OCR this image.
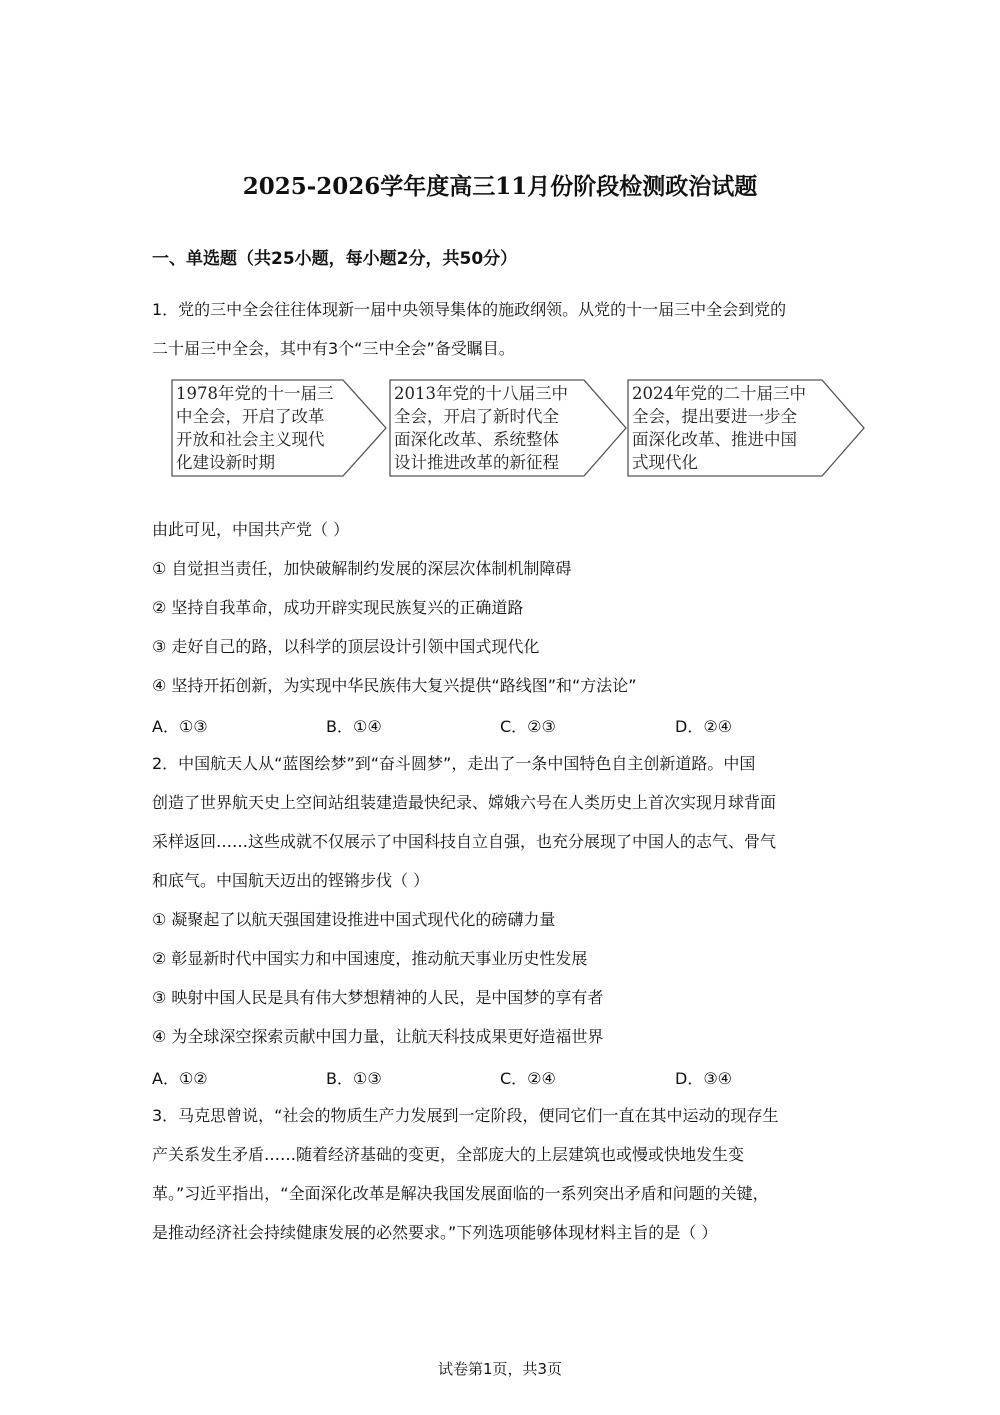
2025-2026学年度高三11月份阶段检测政治试题
一、单选题（共25小题，每小题2分，共50分）
1．党的三中全会往往体现新一届中央领导集体的施政纲领。从党的十一届三中全会到党的
二十届三中全会，其中有3个“三中全会”备受瞩目。
1978年党的十一届三
中全会，开启了改革
开放和社会主义现代
化建设新时期
2013年党的十八届三中
全会，开启了新时代全
面深化改革、系统整体
设计推进改革的新征程
2024年党的二十届三中
全会，提出要进一步全
面深化改革、推进中国
式现代化
由此可见，中国共产党（ ）
① 自觉担当责任，加快破解制约发展的深层次体制机制障碍
② 坚持自我革命，成功开辟实现民族复兴的正确道路
③ 走好自己的路，以科学的顶层设计引领中国式现代化
④ 坚持开拓创新，为实现中华民族伟大复兴提供“路线图”和“方法论”
A．①③	B．①④	C．②③	D．②④
2．中国航天人从“蓝图绘梦”到“奋斗圆梦”，走出了一条中国特色自主创新道路。中国
创造了世界航天史上空间站组装建造最快纪录、嫦娥六号在人类历史上首次实现月球背面
采样返回……这些成就不仅展示了中国科技自立自强，也充分展现了中国人的志气、骨气
和底气。中国航天迈出的铿锵步伐（ ）
① 凝聚起了以航天强国建设推进中国式现代化的磅礴力量
② 彰显新时代中国实力和中国速度，推动航天事业历史性发展
③ 映射中国人民是具有伟大梦想精神的人民，是中国梦的享有者
④ 为全球深空探索贡献中国力量，让航天科技成果更好造福世界
A．①②	B．①③	C．②④	D．③④
3．马克思曾说，“社会的物质生产力发展到一定阶段，便同它们一直在其中运动的现存生
产关系发生矛盾……随着经济基础的变更，全部庞大的上层建筑也或慢或快地发生变
革。”习近平指出，“全面深化改革是解决我国发展面临的一系列突出矛盾和问题的关键，
是推动经济社会持续健康发展的必然要求。”下列选项能够体现材料主旨的是（ ）
试卷第1页，共3页
